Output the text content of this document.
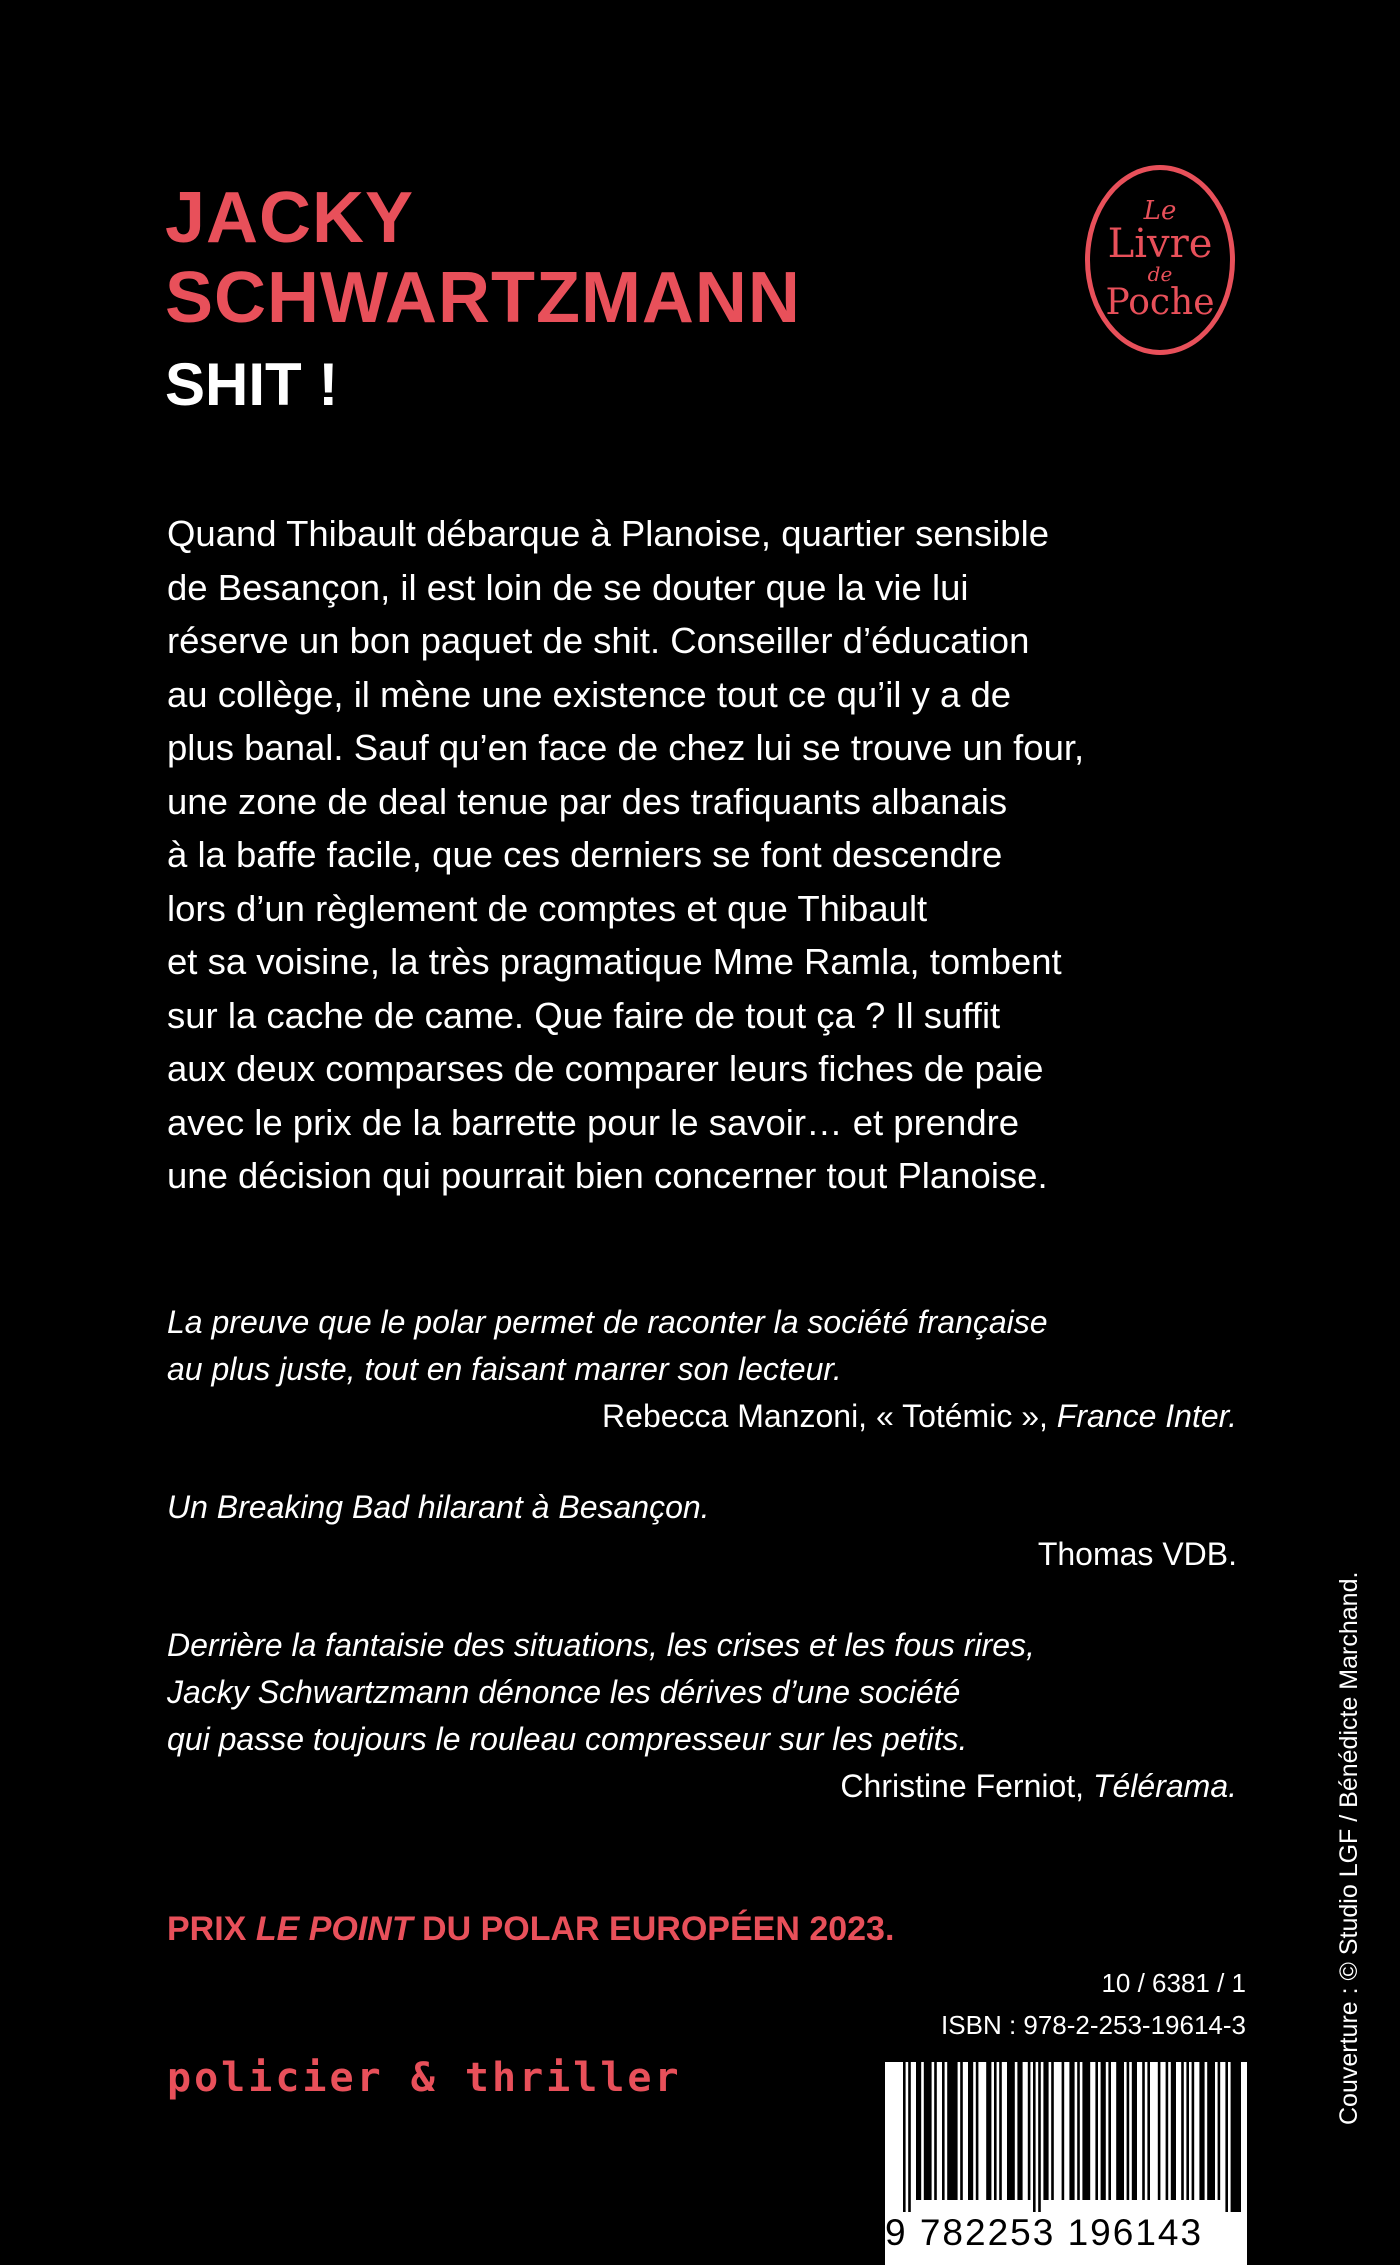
JACKY
SCHWARTZMANN
SHIT !
Le
Livre
de
Poche
Quand Thibault débarque à Planoise, quartier sensible
de Besançon, il est loin de se douter que la vie lui
réserve un bon paquet de shit. Conseiller d’éducation
au collège, il mène une existence tout ce qu’il y a de
plus banal. Sauf qu’en face de chez lui se trouve un four,
une zone de deal tenue par des trafiquants albanais
à la baffe facile, que ces derniers se font descendre
lors d’un règlement de comptes et que Thibault
et sa voisine, la très pragmatique Mme Ramla, tombent
sur la cache de came. Que faire de tout ça ? Il suffit
aux deux comparses de comparer leurs fiches de paie
avec le prix de la barrette pour le savoir… et prendre
une décision qui pourrait bien concerner tout Planoise.
La preuve que le polar permet de raconter la société française
au plus juste, tout en faisant marrer son lecteur.
Rebecca Manzoni, « Totémic », France Inter.
Un Breaking Bad hilarant à Besançon.
Thomas VDB.
Derrière la fantaisie des situations, les crises et les fous rires,
Jacky Schwartzmann dénonce les dérives d’une société
qui passe toujours le rouleau compresseur sur les petits.
Christine Ferniot, Télérama.
PRIX LE POINT DU POLAR EUROPÉEN 2023.
10 / 6381 / 1
ISBN : 978-2-253-19614-3
policier & thriller
9 782253 196143
Couverture : © Studio LGF / Bénédicte Marchand.
